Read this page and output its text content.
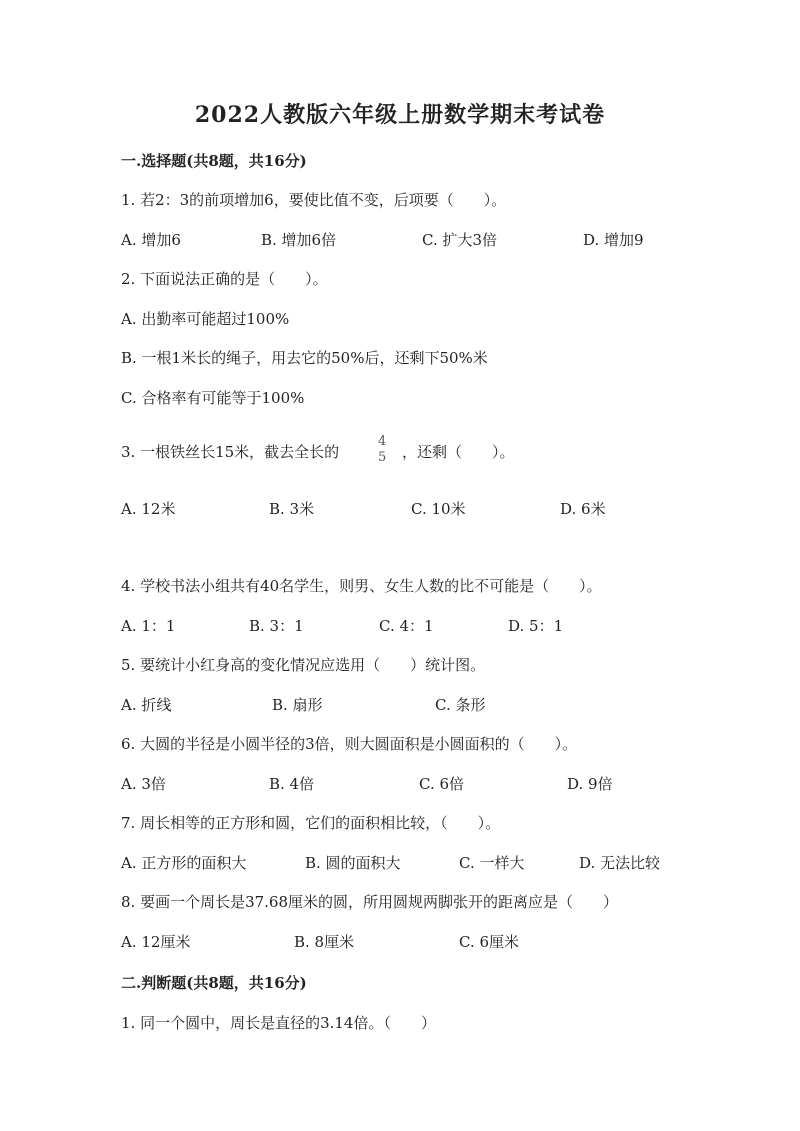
2022人教版六年级上册数学期末考试卷
一.选择题(共8题，共16分)
1. 若2：3的前项增加6，要使比值不变，后项要（　　）。
A. 增加6	B. 增加6倍	C. 扩大3倍	D. 增加9
2. 下面说法正确的是（　　）。
A. 出勤率可能超过100%
B. 一根1米长的绳子，用去它的50%后，还剩下50%米
C. 合格率有可能等于100%
3. 一根铁丝长15米，截去全长的
4
5 ，还剩（　　）。
A. 12米	B. 3米	C. 10米	D. 6米
4. 学校书法小组共有40名学生，则男、女生人数的比不可能是（　　）。
A. 1：1	B. 3：1	C. 4：1	D. 5：1
5. 要统计小红身高的变化情况应选用（　　）统计图。
A. 折线	B. 扇形	C. 条形
6. 大圆的半径是小圆半径的3倍，则大圆面积是小圆面积的（　　）。
A. 3倍	B. 4倍	C. 6倍	D. 9倍
7. 周长相等的正方形和圆，它们的面积相比较，（　　）。
A. 正方形的面积大	B. 圆的面积大	C. 一样大	D. 无法比较
8. 要画一个周长是37.68厘米的圆，所用圆规两脚张开的距离应是（　　）
A. 12厘米	B. 8厘米	C. 6厘米
二.判断题(共8题，共16分)
1. 同一个圆中，周长是直径的3.14倍。（　　）
